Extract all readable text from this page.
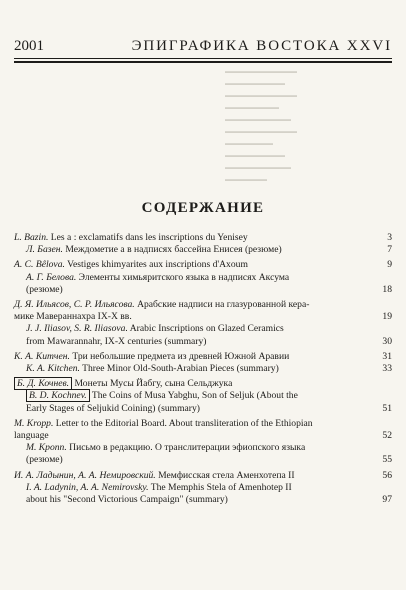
2001	ЭПИГРАФИКА ВОСТОКА XXVI
▬▬▬▬▬▬▬▬▬▬▬▬
▬▬▬▬▬▬▬▬▬▬
▬▬▬▬▬▬▬▬▬▬▬▬
▬▬▬▬▬▬▬▬▬
▬▬▬▬▬▬▬▬▬▬▬
▬▬▬▬▬▬▬▬▬▬▬▬
▬▬▬▬▬▬▬▬
▬▬▬▬▬▬▬▬▬▬
▬▬▬▬▬▬▬▬▬▬▬
▬▬▬▬▬▬▬
СОДЕРЖАНИЕ
L. Bazin. Les a : exclamatifs dans les inscriptions du Yenisey	3
Л. Базен. Междометие a в надписях бассейна Енисея (резюме)	7
A. C. Bêlova. Vestiges khimyarites aux inscriptions d'Axoum	9
А. Г. Белова. Элементы химьяритского языка в надписях Аксума
(резюме)	18
Д. Я. Ильясов, С. Р. Ильясова. Арабские надписи на глазурованной кера-
мике Мавераннахра IX-X вв.	19
J. J. Iliasov, S. R. Iliasova. Arabic Inscriptions on Glazed Ceramics
from Mawarannahr, IX-X centuries (summary)	30
К. А. Китчен. Три небольшие предмета из древней Южной Аравии	31
K. A. Kitchen. Three Minor Old-South-Arabian Pieces (summary)	33
Б. Д. Кочнев. Монеты Мусы Йабгу, сына Сельджука
B. D. Kochnev. The Coins of Musa Yabghu, Son of Seljuk (About the
Early Stages of Seljukid Coining) (summary)	51
M. Kropp. Letter to the Editorial Board. About transliteration of the Ethiopian
language	52
М. Кропп. Письмо в редакцию. О транслитерации эфиопского языка
(резюме)	55
И. А. Ладынин, А. А. Немировский. Мемфисская стела Аменхотепа II	56
I. A. Ladynin, A. A. Nemirovsky. The Memphis Stela of Amenhotep II
about his "Second Victorious Campaign" (summary)	97
